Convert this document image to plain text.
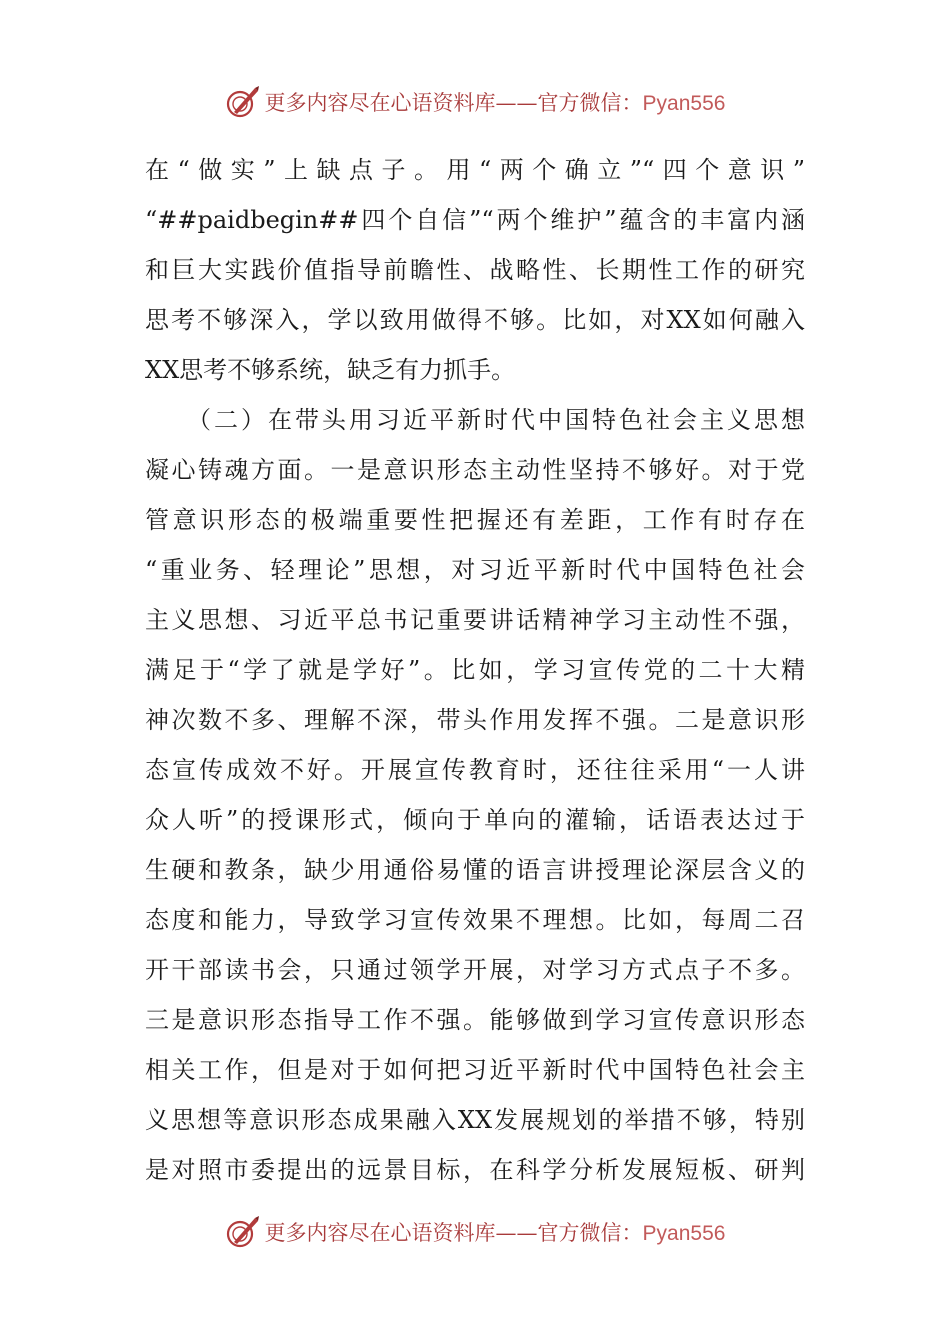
更多内容尽在心语资料库——官方微信：Pyan556
在“做实”上缺点子。用“两个确立”“四个意识”
“##paidbegin##四个自信”“两个维护”蕴含的丰富内涵
和巨大实践价值指导前瞻性、战略性、长期性工作的研究
思考不够深入，学以致用做得不够。比如，对XX如何融入
XX思考不够系统，缺乏有力抓手。
　　（二）在带头用习近平新时代中国特色社会主义思想
凝心铸魂方面。一是意识形态主动性坚持不够好。对于党
管意识形态的极端重要性把握还有差距，工作有时存在
“重业务、轻理论”思想，对习近平新时代中国特色社会
主义思想、习近平总书记重要讲话精神学习主动性不强，
满足于“学了就是学好”。比如，学习宣传党的二十大精
神次数不多、理解不深，带头作用发挥不强。二是意识形
态宣传成效不好。开展宣传教育时，还往往采用“一人讲
众人听”的授课形式，倾向于单向的灌输，话语表达过于
生硬和教条，缺少用通俗易懂的语言讲授理论深层含义的
态度和能力，导致学习宣传效果不理想。比如，每周二召
开干部读书会，只通过领学开展，对学习方式点子不多。
三是意识形态指导工作不强。能够做到学习宣传意识形态
相关工作，但是对于如何把习近平新时代中国特色社会主
义思想等意识形态成果融入XX发展规划的举措不够，特别
是对照市委提出的远景目标，在科学分析发展短板、研判
更多内容尽在心语资料库——官方微信：Pyan556
